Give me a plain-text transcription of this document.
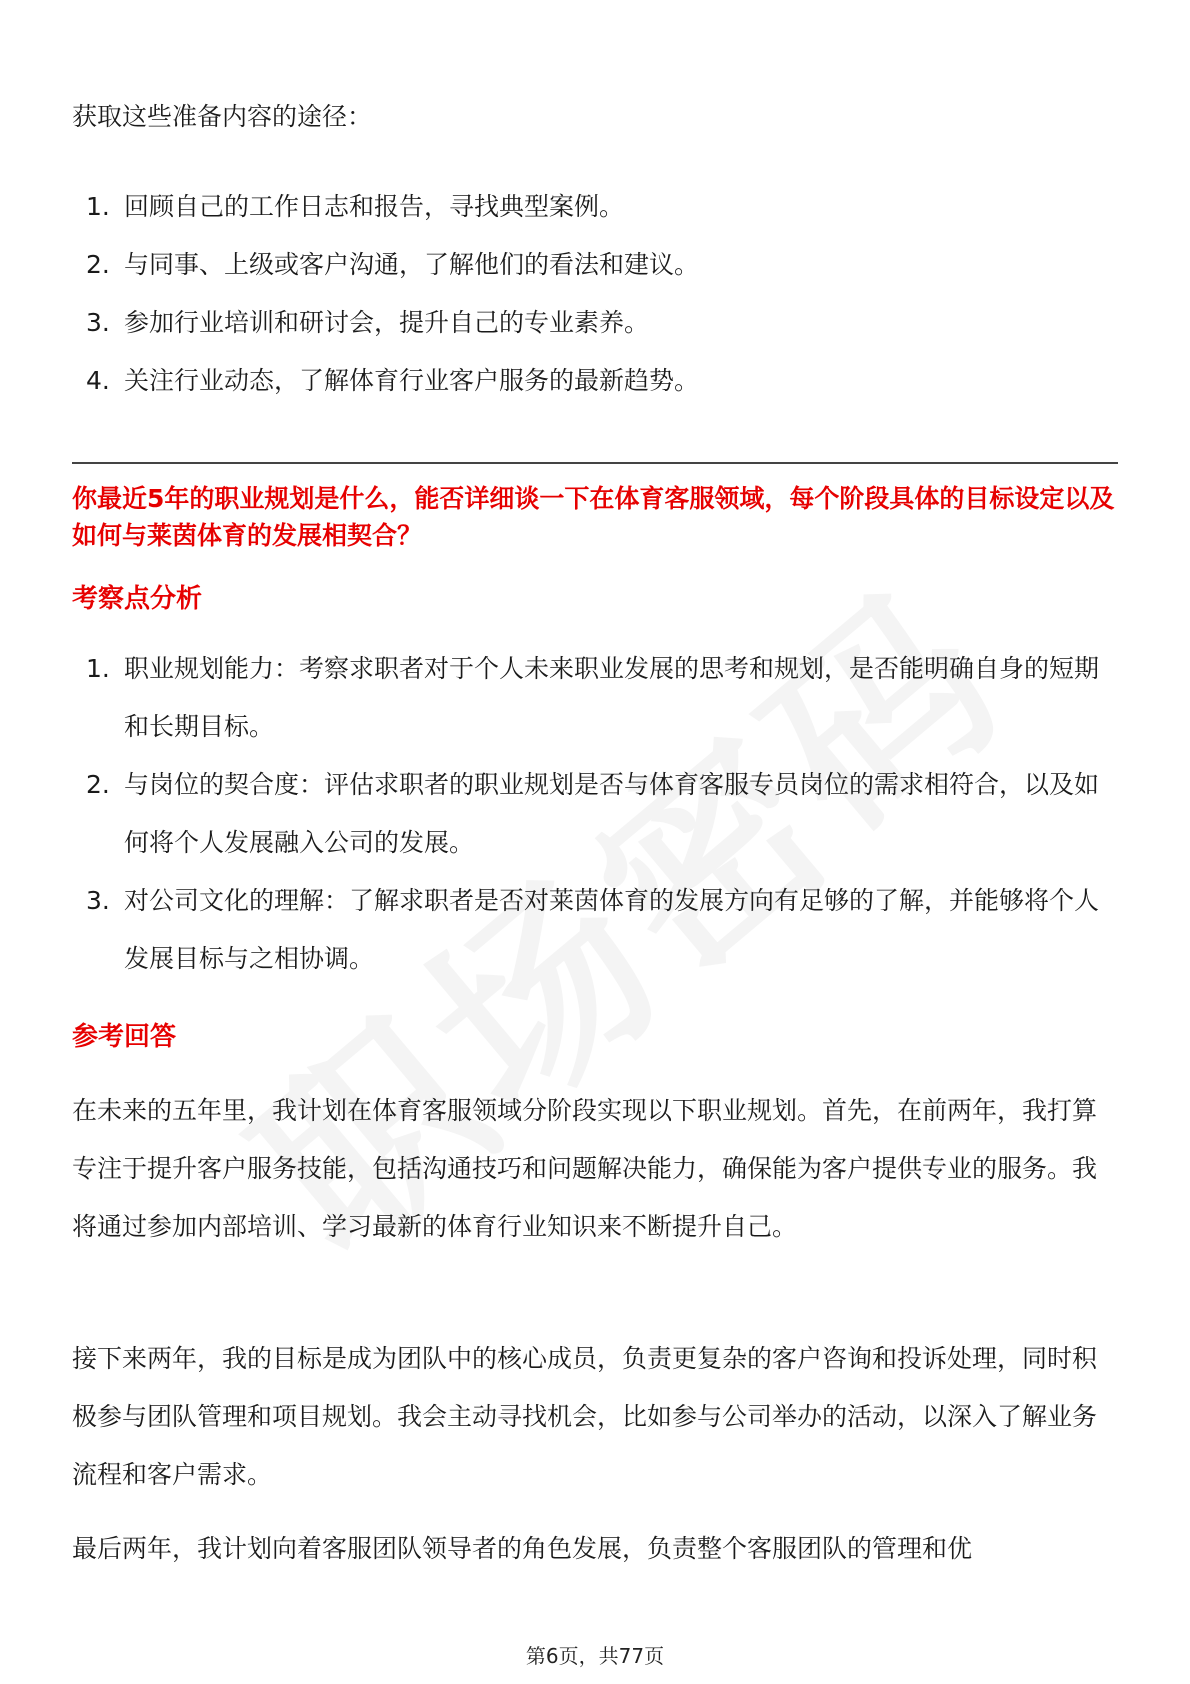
获取这些准备内容的途径：
1. 回顾自己的工作日志和报告，寻找典型案例。
2. 与同事、上级或客户沟通，了解他们的看法和建议。
3. 参加行业培训和研讨会，提升自己的专业素养。
4. 关注行业动态，了解体育行业客户服务的最新趋势。
你最近5年的职业规划是什么，能否详细谈一下在体育客服领域，每个阶段具体的目标设定以及如何与莱茵体育的发展相契合？
考察点分析
1. 职业规划能力：考察求职者对于个人未来职业发展的思考和规划，是否能明确自身的短期和长期目标。
2. 与岗位的契合度：评估求职者的职业规划是否与体育客服专员岗位的需求相符合，以及如何将个人发展融入公司的发展。
3. 对公司文化的理解：了解求职者是否对莱茵体育的发展方向有足够的了解，并能够将个人发展目标与之相协调。
参考回答

在未来的五年里，我计划在体育客服领域分阶段实现以下职业规划。首先，在前两年，我打算专注于提升客户服务技能，包括沟通技巧和问题解决能力，确保能为客户提供专业的服务。我将通过参加内部培训、学习最新的体育行业知识来不断提升自己。

接下来两年，我的目标是成为团队中的核心成员，负责更复杂的客户咨询和投诉处理，同时积极参与团队管理和项目规划。我会主动寻找机会，比如参与公司举办的活动，以深入了解业务流程和客户需求。

最后两年，我计划向着客服团队领导者的角色发展，负责整个客服团队的管理和优

第6页，共77页
